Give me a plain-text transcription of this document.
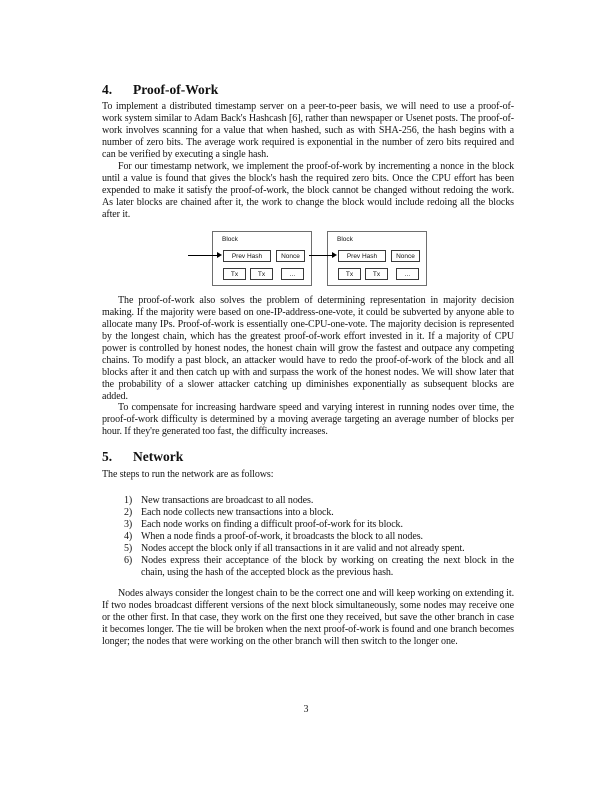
4. Proof-of-Work
To implement a distributed timestamp server on a peer-to-peer basis, we will need to use a proof-of-work system similar to Adam Back's Hashcash [6], rather than newspaper or Usenet posts. The proof-of-work involves scanning for a value that when hashed, such as with SHA-256, the hash begins with a number of zero bits. The average work required is exponential in the number of zero bits required and can be verified by executing a single hash.
For our timestamp network, we implement the proof-of-work by incrementing a nonce in the block until a value is found that gives the block's hash the required zero bits. Once the CPU effort has been expended to make it satisfy the proof-of-work, the block cannot be changed without redoing the work. As later blocks are chained after it, the work to change the block would include redoing all the blocks after it.
Block
Prev Hash	Nonce
Tx	Tx	...
Block
Prev Hash	Nonce
Tx	Tx	...
The proof-of-work also solves the problem of determining representation in majority decision making. If the majority were based on one-IP-address-one-vote, it could be subverted by anyone able to allocate many IPs. Proof-of-work is essentially one-CPU-one-vote. The majority decision is represented by the longest chain, which has the greatest proof-of-work effort invested in it. If a majority of CPU power is controlled by honest nodes, the honest chain will grow the fastest and outpace any competing chains. To modify a past block, an attacker would have to redo the proof-of-work of the block and all blocks after it and then catch up with and surpass the work of the honest nodes. We will show later that the probability of a slower attacker catching up diminishes exponentially as subsequent blocks are added.
To compensate for increasing hardware speed and varying interest in running nodes over time, the proof-of-work difficulty is determined by a moving average targeting an average number of blocks per hour. If they're generated too fast, the difficulty increases.
5. Network
The steps to run the network are as follows:
1) New transactions are broadcast to all nodes.
2) Each node collects new transactions into a block.
3) Each node works on finding a difficult proof-of-work for its block.
4) When a node finds a proof-of-work, it broadcasts the block to all nodes.
5) Nodes accept the block only if all transactions in it are valid and not already spent.
6) Nodes express their acceptance of the block by working on creating the next block in the chain, using the hash of the accepted block as the previous hash.
Nodes always consider the longest chain to be the correct one and will keep working on extending it. If two nodes broadcast different versions of the next block simultaneously, some nodes may receive one or the other first. In that case, they work on the first one they received, but save the other branch in case it becomes longer. The tie will be broken when the next proof-of-work is found and one branch becomes longer; the nodes that were working on the other branch will then switch to the longer one.
3
